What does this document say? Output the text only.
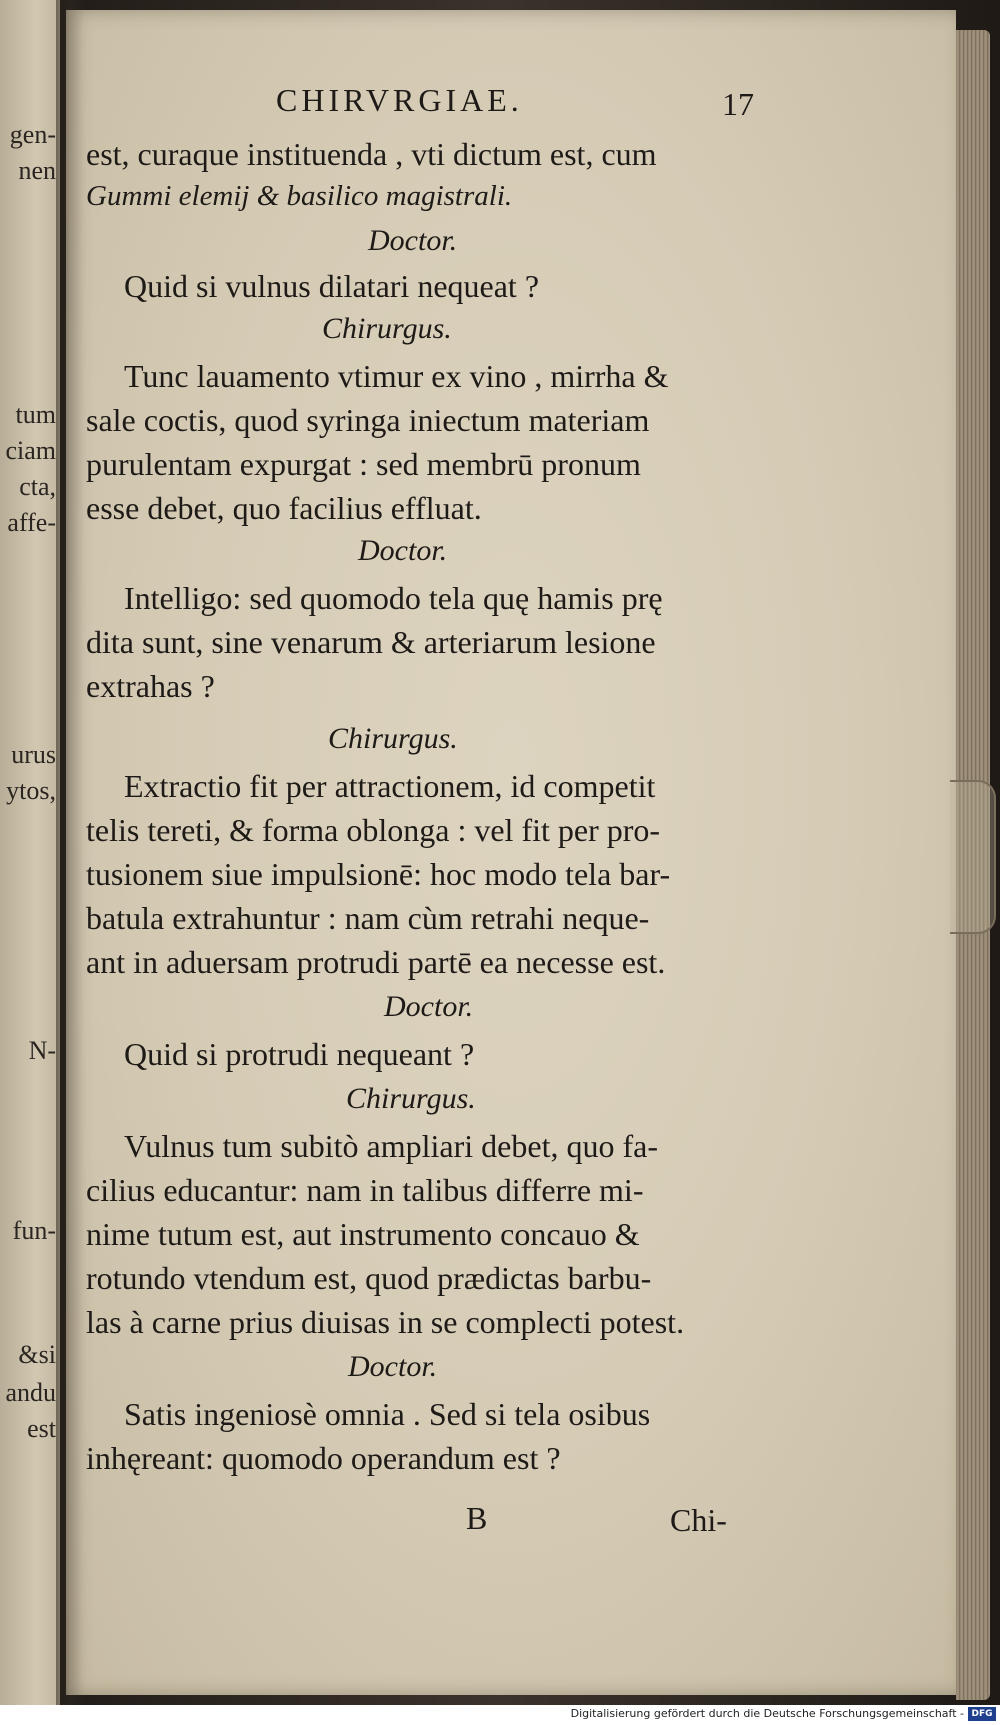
gen-
nen
tum
ciam
cta,
affe-
urus
ytos,
N-
fun-
&si
andu
est
CHIRVRGIAE.	17
est, curaque instituenda , vti dictum est, cum
Gummi elemij & basilico magistrali.
Doctor.
Quid si vulnus dilatari nequeat ?
Chirurgus.
Tunc lauamento vtimur ex vino , mirrha &
sale coctis, quod syringa iniectum materiam
purulentam expurgat : sed membrū pronum
esse debet, quo facilius effluat.
Doctor.
Intelligo: sed quomodo tela quę hamis prę
dita sunt, sine venarum & arteriarum lesione
extrahas ?
Chirurgus.
Extractio fit per attractionem, id competit
telis tereti, & forma oblonga : vel fit per pro-
tusionem siue impulsionē: hoc modo tela bar-
batula extrahuntur : nam cùm retrahi neque-
ant in aduersam protrudi partē ea necesse est.
Doctor.
Quid si protrudi nequeant ?
Chirurgus.
Vulnus tum subitò ampliari debet, quo fa-
cilius educantur: nam in talibus differre mi-
nime tutum est, aut instrumento concauo &
rotundo vtendum est, quod prædictas barbu-
las à carne prius diuisas in se complecti potest.
Doctor.
Satis ingeniosè omnia . Sed si tela osibus
inhęreant: quomodo operandum est ?
B	Chi-
Digitalisierung gefördert durch die Deutsche Forschungsgemeinschaft - DFG
